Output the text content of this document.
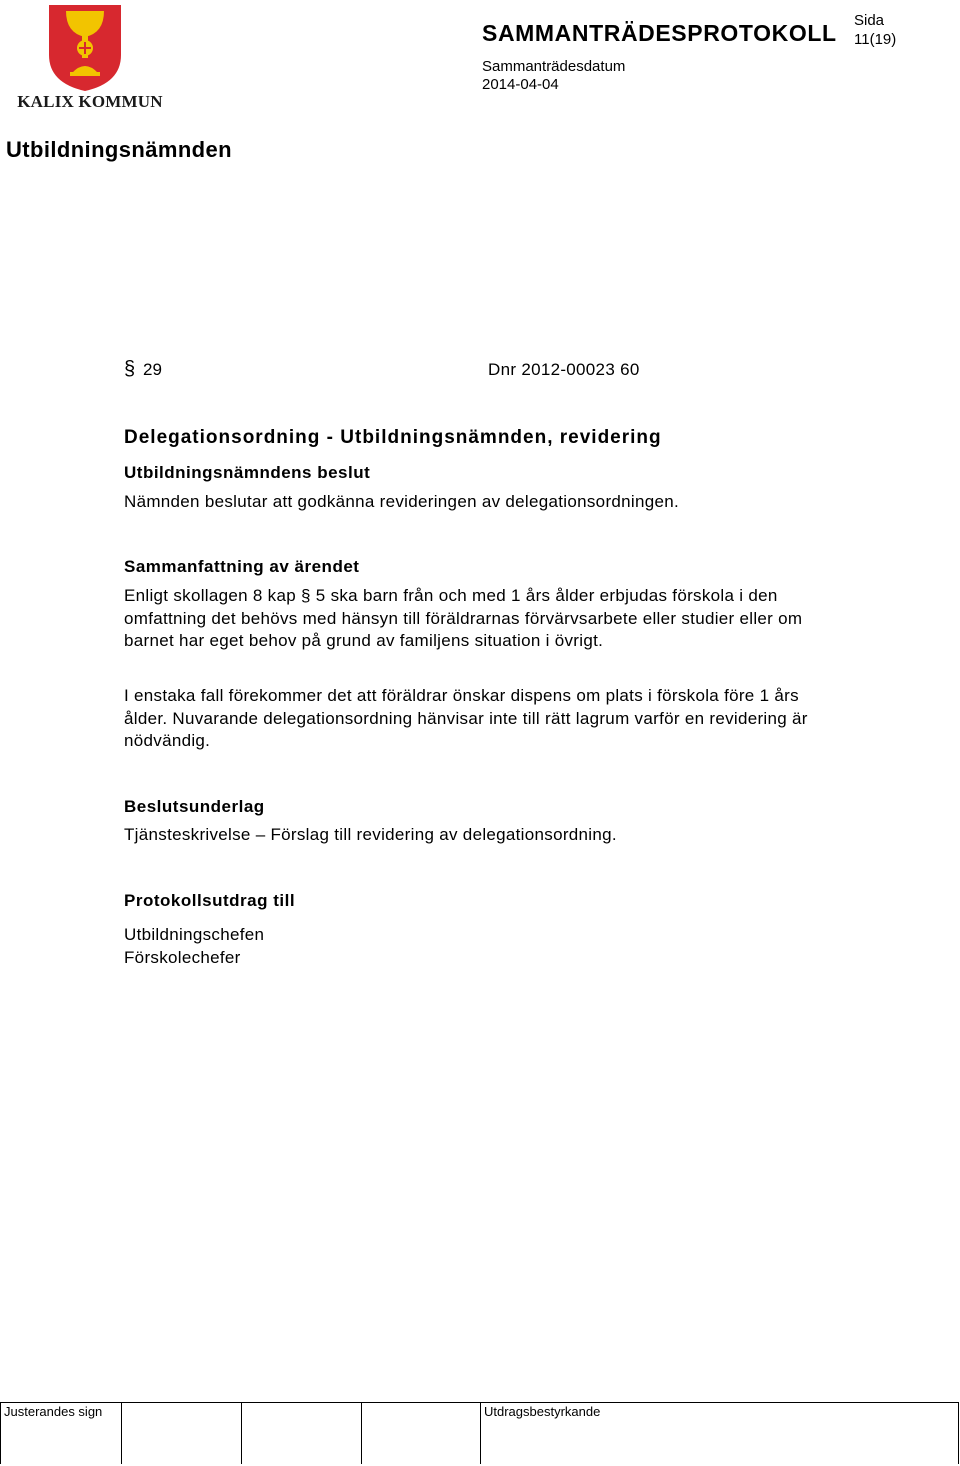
KALIX KOMMUN
SAMMANTRÄDESPROTOKOLL Sida
11(19)
Sammanträdesdatum
2014-04-04
Utbildningsnämnden
§ 29	Dnr 2012-00023 60
Delegationsordning - Utbildningsnämnden, revidering
Utbildningsnämndens beslut
Nämnden beslutar att godkänna revideringen av delegationsordningen.
Sammanfattning av ärendet
Enligt skollagen 8 kap § 5 ska barn från och med 1 års ålder erbjudas förskola i den omfattning det behövs med hänsyn till föräldrarnas förvärvsarbete eller studier eller om barnet har eget behov på grund av familjens situation i övrigt.
I enstaka fall förekommer det att föräldrar önskar dispens om plats i förskola före 1 års ålder. Nuvarande delegationsordning hänvisar inte till rätt lagrum varför en revidering är nödvändig.
Beslutsunderlag
Tjänsteskrivelse – Förslag till revidering av delegationsordning.
Protokollsutdrag till
Utbildningschefen
Förskolechefer
Justerandes sign	Utdragsbestyrkande
